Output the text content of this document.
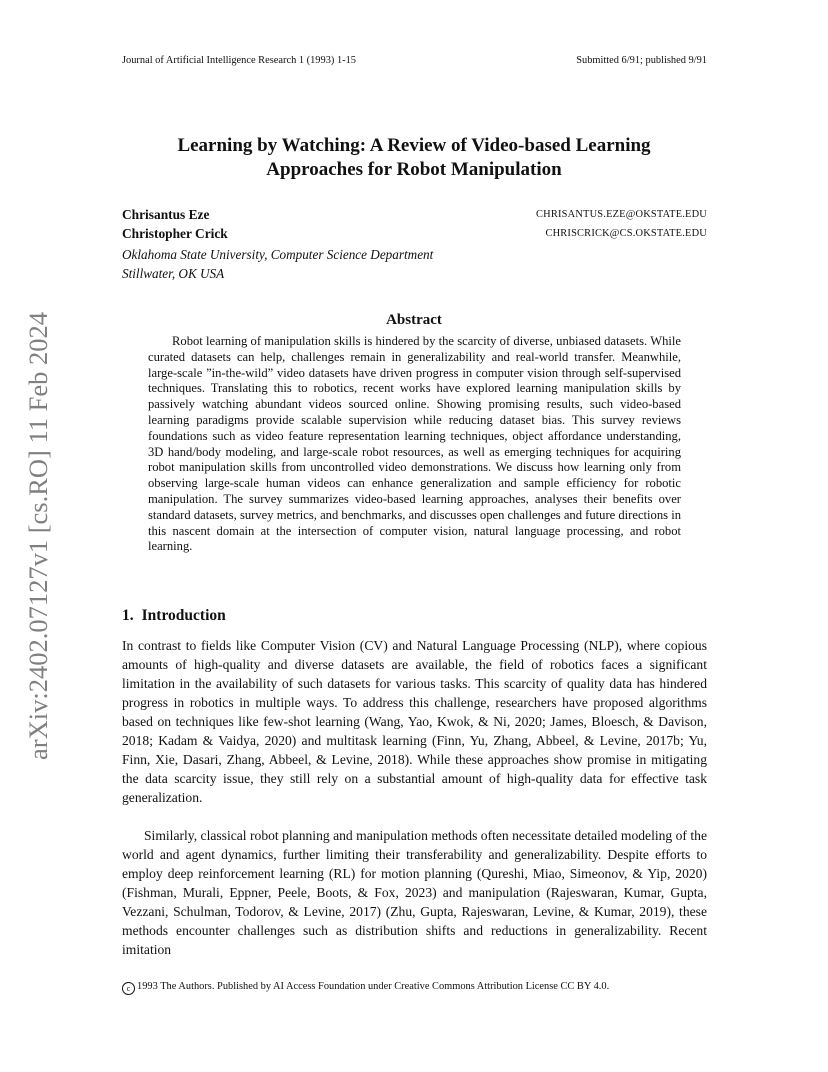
Journal of Artificial Intelligence Research 1 (1993) 1-15	Submitted 6/91; published 9/91
Learning by Watching: A Review of Video-based Learning
Approaches for Robot Manipulation
Chrisantus Eze	CHRISANTUS.EZE@OKSTATE.EDU
Christopher Crick	CHRISCRICK@CS.OKSTATE.EDU
Oklahoma State University, Computer Science Department
Stillwater, OK USA
Abstract
Robot learning of manipulation skills is hindered by the scarcity of diverse, unbiased datasets. While curated datasets can help, challenges remain in generalizability and real-world transfer. Meanwhile, large-scale ”in-the-wild” video datasets have driven progress in computer vision through self-supervised techniques. Translating this to robotics, recent works have explored learning manipulation skills by passively watching abundant videos sourced online. Showing promising results, such video-based learning paradigms provide scalable supervision while reducing dataset bias. This survey reviews foundations such as video feature representation learning techniques, object affordance understanding, 3D hand/body modeling, and large-scale robot resources, as well as emerging techniques for acquiring robot manipulation skills from uncontrolled video demonstrations. We discuss how learning only from observing large-scale human videos can enhance generalization and sample efficiency for robotic manipulation. The survey summarizes video-based learning approaches, analyses their benefits over standard datasets, survey metrics, and benchmarks, and discusses open challenges and future directions in this nascent domain at the intersection of computer vision, natural language processing, and robot learning.
1. Introduction
In contrast to fields like Computer Vision (CV) and Natural Language Processing (NLP), where copious amounts of high-quality and diverse datasets are available, the field of robotics faces a significant limitation in the availability of such datasets for various tasks. This scarcity of quality data has hindered progress in robotics in multiple ways. To address this challenge, researchers have proposed algorithms based on techniques like few-shot learning (Wang, Yao, Kwok, & Ni, 2020; James, Bloesch, & Davison, 2018; Kadam & Vaidya, 2020) and multitask learning (Finn, Yu, Zhang, Abbeel, & Levine, 2017b; Yu, Finn, Xie, Dasari, Zhang, Abbeel, & Levine, 2018). While these approaches show promise in mitigating the data scarcity issue, they still rely on a substantial amount of high-quality data for effective task generalization.
Similarly, classical robot planning and manipulation methods often necessitate detailed modeling of the world and agent dynamics, further limiting their transferability and generalizability. Despite efforts to employ deep reinforcement learning (RL) for motion planning (Qureshi, Miao, Simeonov, & Yip, 2020) (Fishman, Murali, Eppner, Peele, Boots, & Fox, 2023) and manipulation (Rajeswaran, Kumar, Gupta, Vezzani, Schulman, Todorov, & Levine, 2017) (Zhu, Gupta, Rajeswaran, Levine, & Kumar, 2019), these methods encounter challenges such as distribution shifts and reductions in generalizability. Recent imitation
c 1993 The Authors. Published by AI Access Foundation under Creative Commons Attribution License CC BY 4.0.
arXiv:2402.07127v1 [cs.RO] 11 Feb 2024
